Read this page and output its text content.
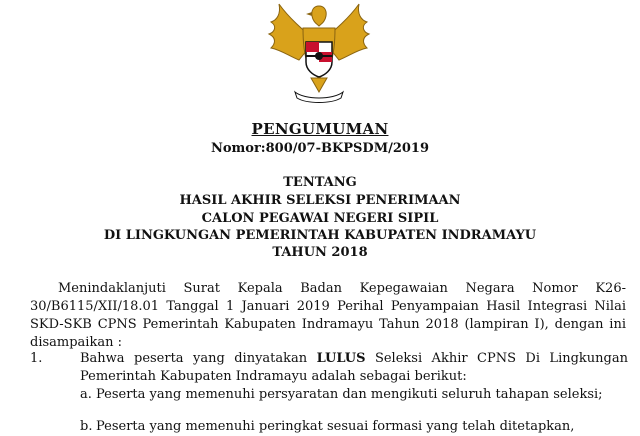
PENGUMUMAN
Nomor:800/07-BKPSDM/2019
TENTANG
HASIL AKHIR SELEKSI PENERIMAAN
CALON PEGAWAI NEGERI SIPIL
DI LINGKUNGAN PEMERINTAH KABUPATEN INDRAMAYU
TAHUN 2018

Menindaklanjuti Surat Kepala Badan Kepegawaian Negara Nomor K26-30/B6115/XII/18.01 Tanggal 1 Januari 2019 Perihal Penyampaian Hasil Integrasi Nilai SKD-SKB CPNS Pemerintah Kabupaten Indramayu Tahun 2018 (lampiran I), dengan ini disampaikan :

1.	Bahwa peserta yang dinyatakan LULUS Seleksi Akhir CPNS Di Lingkungan Pemerintah Kabupaten Indramayu adalah sebagai berikut:
a. Peserta yang memenuhi persyaratan dan mengikuti seluruh tahapan seleksi;
b. Peserta yang memenuhi peringkat sesuai formasi yang telah ditetapkan,
